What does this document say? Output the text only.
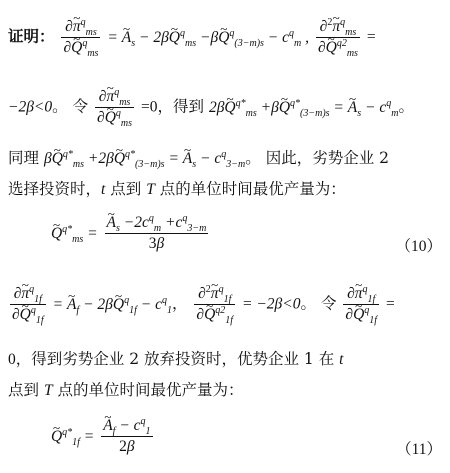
证明： $\frac{\partial\sim \pi^q_{ms}}{\partial\sim Q^q_{ms}}$ = ~ $A_s$ − 2β~ $Q^q_{ms}$ −β~ $Q^q_{(3-m)s} - c^q_m$ , $\frac{\partial^2\sim \pi^q_{ms}}{\partial\sim Q^{q2}_{ms}}$ =
−2β<0。 令 $\frac{\partial\sim \pi^q_{ms}}{\partial\sim Q^q_{ms}} =0$，得到 2β~ $Q^{q*}_{ms}$ +β~ $Q^{q*}_{(3-m)s}$ = ~ $A_s - c^q_m$。
同理 β~ $Q^{q*}_{ms}$ +2β~ $Q^{q*}_{(3-m)s}$ = ~ $A_s - c^q_{3-m}$。 因此，劣势企业 2
选择投资时，t 点到 T 点的单位时间最优产量为：
~ $Q^{q*}_{ms}$ = ~ $\frac{A_s -2c^q_m +c^q_{3-m}}{3\beta}$	（10）
$\frac{\partial\sim \pi^q_{1f}}{\partial\sim Q^q_{1f}}$ = ~ $A_f$ − 2β~ $Q^q_{1f} - c^q_1$， $\frac{\partial^2\sim \pi^q_{1f}}{\partial\sim Q^{q2}_{1f}} = -2\beta<0$。 令 $\frac{\partial\sim \pi^q_{1f}}{\partial\sim Q^q_{1f}}$ =
0，得到劣势企业 2 放弃投资时，优势企业 1 在 t
点到 T 点的单位时间最优产量为：
~ $Q^{q*}_{1f}$ = ~ $\frac{A_f - c^q_1}{2\beta}$	（11）
